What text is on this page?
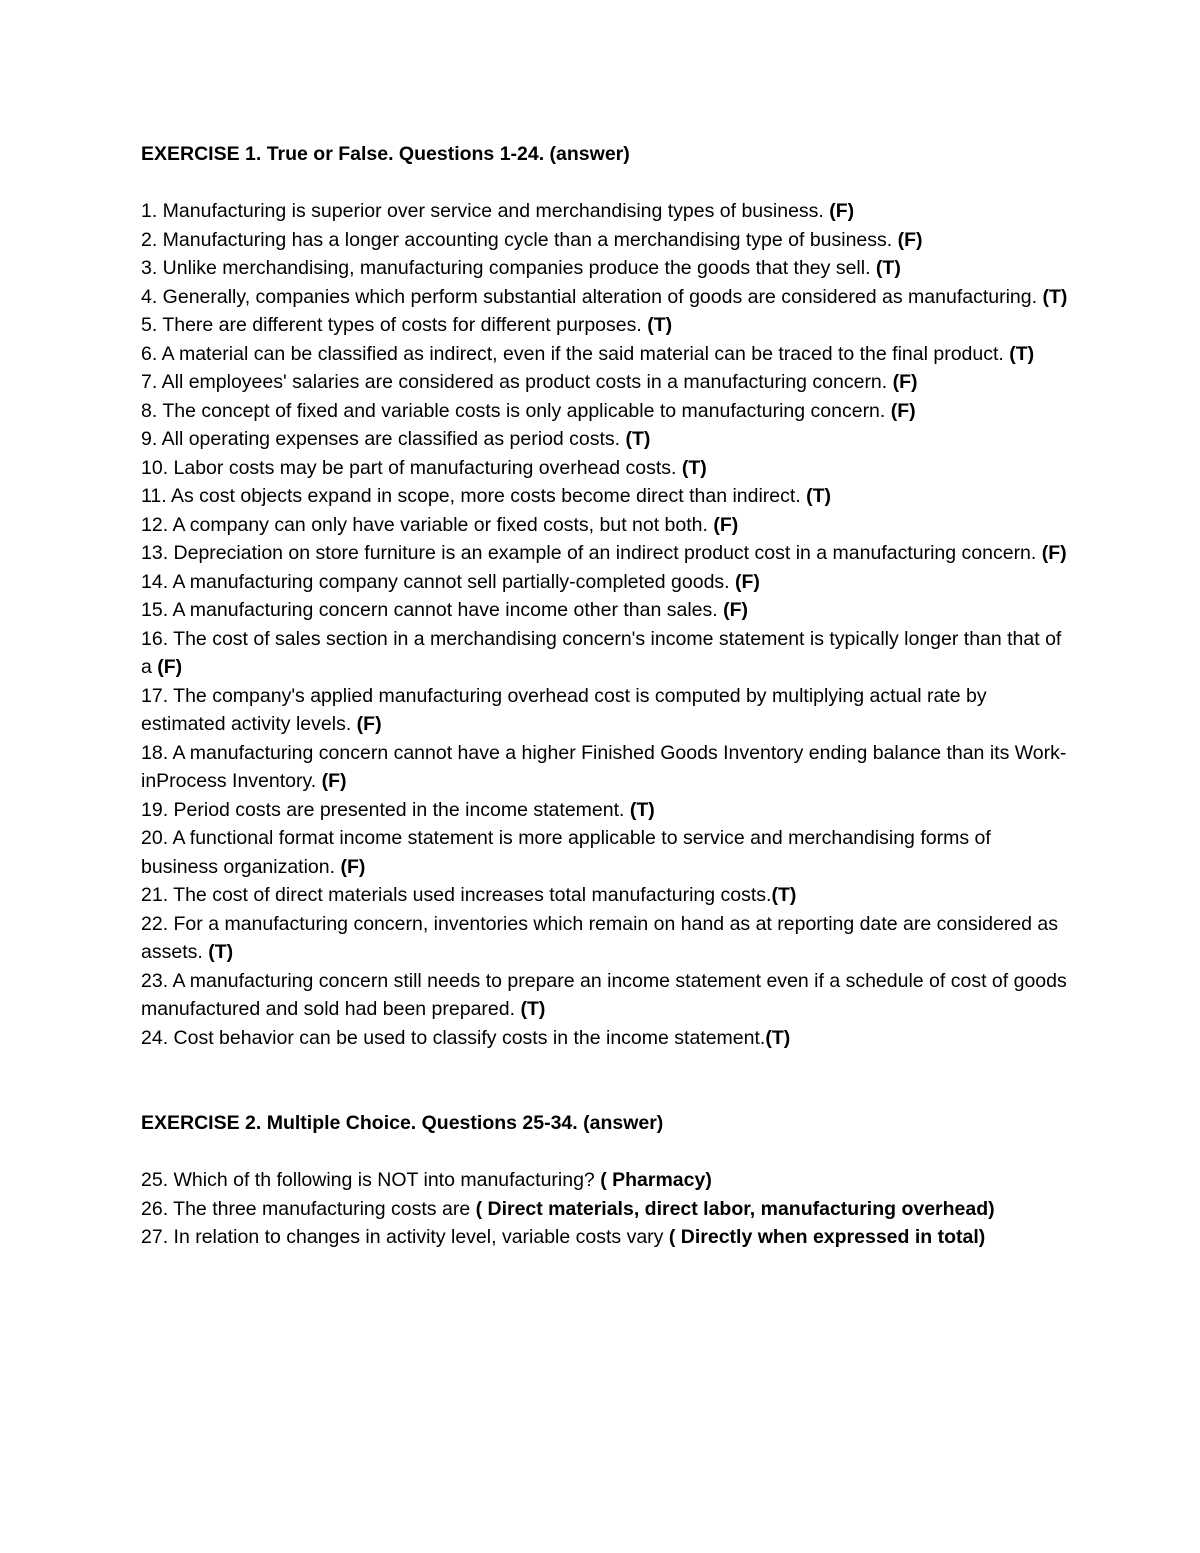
EXERCISE 1. True or False. Questions 1-24. (answer)

1. Manufacturing is superior over service and merchandising types of business. (F)

2. Manufacturing has a longer accounting cycle than a merchandising type of business. (F)

3. Unlike merchandising, manufacturing companies produce the goods that they sell. (T)

4. Generally, companies which perform substantial alteration of goods are considered as manufacturing. (T)

5. There are different types of costs for different purposes. (T)

6. A material can be classified as indirect, even if the said material can be traced to the final product. (T)

7. All employees' salaries are considered as product costs in a manufacturing concern. (F)

8. The concept of fixed and variable costs is only applicable to manufacturing concern. (F)

9. All operating expenses are classified as period costs. (T)

10. Labor costs may be part of manufacturing overhead costs. (T)

11. As cost objects expand in scope, more costs become direct than indirect. (T)

12. A company can only have variable or fixed costs, but not both. (F)

13. Depreciation on store furniture is an example of an indirect product cost in a manufacturing concern. (F)

14. A manufacturing company cannot sell partially-completed goods. (F)

15. A manufacturing concern cannot have income other than sales. (F)

16. The cost of sales section in a merchandising concern's income statement is typically longer than that of a (F)

17. The company's applied manufacturing overhead cost is computed by multiplying actual rate by estimated activity levels. (F)

18. A manufacturing concern cannot have a higher Finished Goods Inventory ending balance than its Work-inProcess Inventory. (F)

19. Period costs are presented in the income statement. (T)

20. A functional format income statement is more applicable to service and merchandising forms of business organization. (F)

21. The cost of direct materials used increases total manufacturing costs.(T)

22. For a manufacturing concern, inventories which remain on hand as at reporting date are considered as assets. (T)

23. A manufacturing concern still needs to prepare an income statement even if a schedule of cost of goods manufactured and sold had been prepared. (T)

24. Cost behavior can be used to classify costs in the income statement.(T)

EXERCISE 2. Multiple Choice. Questions 25-34. (answer)

25. Which of th following is NOT into manufacturing? ( Pharmacy)

26. The three manufacturing costs are ( Direct materials, direct labor, manufacturing overhead)

27. In relation to changes in activity level, variable costs vary ( Directly when expressed in total)
